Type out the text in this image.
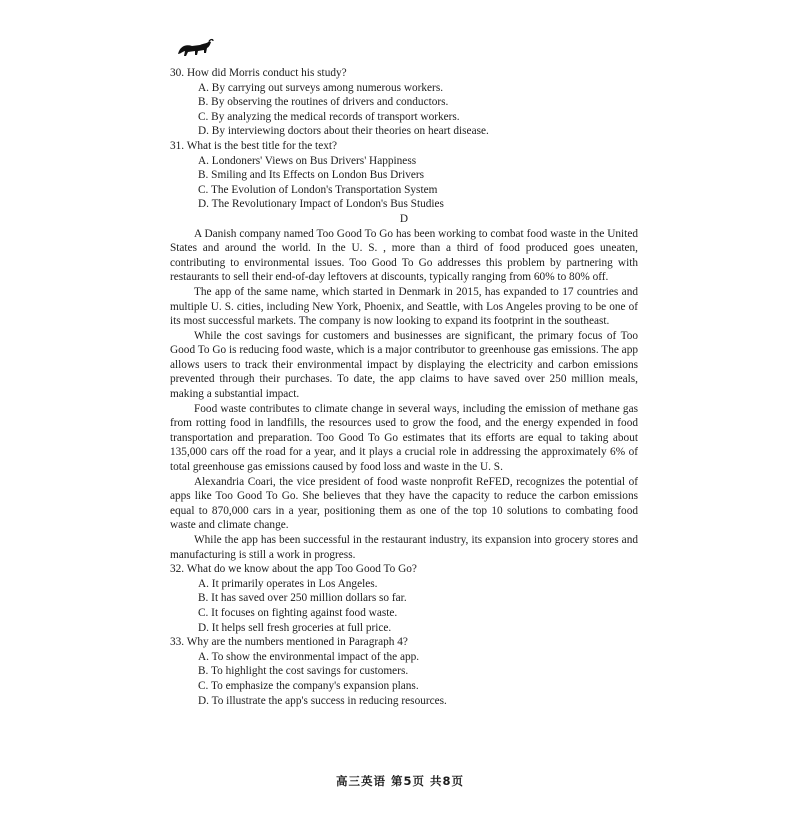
30. How did Morris conduct his study?

A. By carrying out surveys among numerous workers.

B. By observing the routines of drivers and conductors.

C. By analyzing the medical records of transport workers.

D. By interviewing doctors about their theories on heart disease.

31. What is the best title for the text?

A. Londoners' Views on Bus Drivers' Happiness

B. Smiling and Its Effects on London Bus Drivers

C. The Evolution of London's Transportation System

D. The Revolutionary Impact of London's Bus Studies

D

A Danish company named Too Good To Go has been working to combat food waste in the United States and around the world. In the U. S. , more than a third of food produced goes uneaten, contributing to environmental issues. Too Good To Go addresses this problem by partnering with restaurants to sell their end-of-day leftovers at discounts, typically ranging from 60% to 80% off.

The app of the same name, which started in Denmark in 2015, has expanded to 17 countries and multiple U. S. cities, including New York, Phoenix, and Seattle, with Los Angeles proving to be one of its most successful markets. The company is now looking to expand its footprint in the southeast.

While the cost savings for customers and businesses are significant, the primary focus of Too Good To Go is reducing food waste, which is a major contributor to greenhouse gas emissions. The app allows users to track their environmental impact by displaying the electricity and carbon emissions prevented through their purchases. To date, the app claims to have saved over 250 million meals, making a substantial impact.

Food waste contributes to climate change in several ways, including the emission of methane gas from rotting food in landfills, the resources used to grow the food, and the energy expended in food transportation and preparation. Too Good To Go estimates that its efforts are equal to taking about 135,000 cars off the road for a year, and it plays a crucial role in addressing the approximately 6% of total greenhouse gas emissions caused by food loss and waste in the U. S.

Alexandria Coari, the vice president of food waste nonprofit ReFED, recognizes the potential of apps like Too Good To Go. She believes that they have the capacity to reduce the carbon emissions equal to 870,000 cars in a year, positioning them as one of the top 10 solutions to combating food waste and climate change.

While the app has been successful in the restaurant industry, its expansion into grocery stores and manufacturing is still a work in progress.

32. What do we know about the app Too Good To Go?

A. It primarily operates in Los Angeles.

B. It has saved over 250 million dollars so far.

C. It focuses on fighting against food waste.

D. It helps sell fresh groceries at full price.

33. Why are the numbers mentioned in Paragraph 4?

A. To show the environmental impact of the app.

B. To highlight the cost savings for customers.

C. To emphasize the company's expansion plans.

D. To illustrate the app's success in reducing resources.

高三英语 第5页 共8页
